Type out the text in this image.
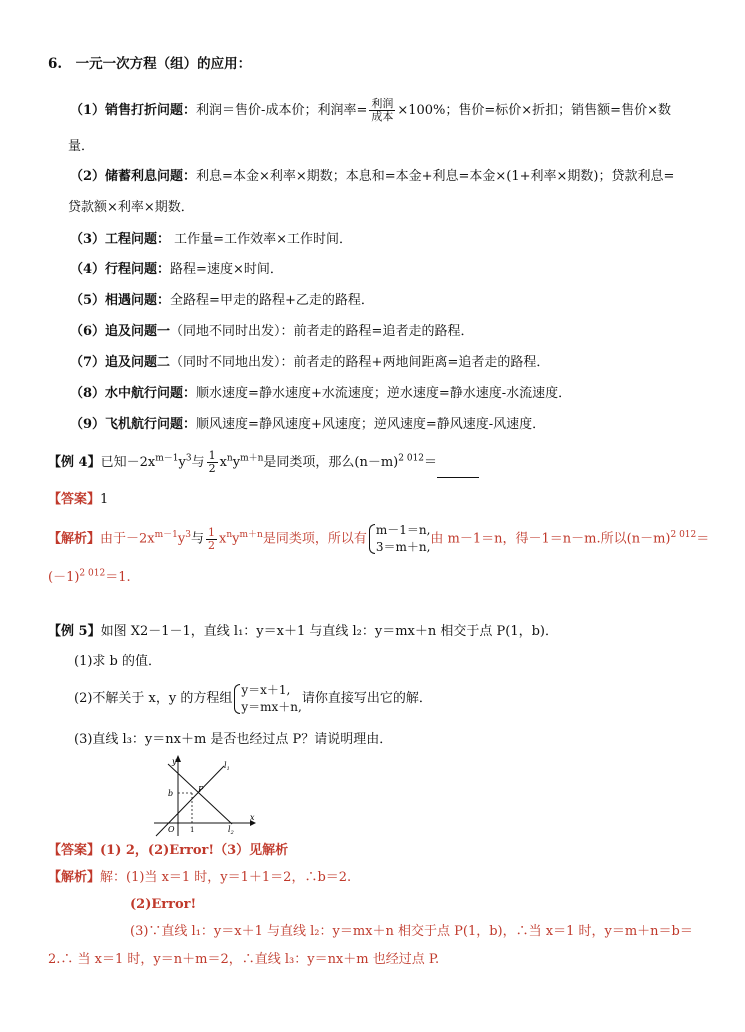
6.　一元一次方程（组）的应用：
（1）销售打折问题：利润＝售价-成本价；利润率= $\frac{\text{利润}}{\text{成本}} \times 100\%$；售价=标价×折扣；销售额=售价×数
量．
（2）储蓄利息问题：利息=本金×利率×期数；本息和=本金+利息=本金×(1+利率×期数)；贷款利息=
贷款额×利率×期数．
（3）工程问题： 工作量=工作效率×工作时间．
（4）行程问题：路程=速度×时间．
（5）相遇问题：全路程=甲走的路程+乙走的路程．
（6）追及问题一（同地不同时出发）：前者走的路程=追者走的路程．
（7）追及问题二（同时不同地出发）：前者走的路程+两地间距离=追者走的路程．
（8）水中航行问题：顺水速度=静水速度+水流速度；逆水速度=静水速度-水流速度．
（9）飞机航行问题：顺风速度=静风速度+风速度；逆风速度=静风速度-风速度．
【例 4】已知$-2x^{m-1}y^3$与 $\frac{1}{2} x^ny^{m+n}$是同类项，那么$(n-m)^{2 012}=$
【答案】1
【解析】由于$-2x^{m-1}y^3$与 $\frac{1}{2} x^ny^{m+n}$是同类项，所以有
m－1＝n,
3＝m＋n,
由 m－1＝n，得－1＝n－m.所以$(n-m)^{2 012}=$
$(-1)^{2 012}=1$.
【例 5】如图 X2－1－1，直线 l₁：y＝x＋1 与直线 l₂：y＝mx＋n 相交于点 P(1，b)．
(1)求 b 的值．
(2)不解关于 x，y 的方程组
y＝x＋1,
y＝mx＋n,
请你直接写出它的解．
(3)直线 l₃：y＝nx＋m 是否也经过点 P？请说明理由．
y
x
O
b
1
P
$l_1$
$l_2$
【答案】(1) 2，(2)Error!（3）见解析
【解析】解：(1)当 x＝1 时，y＝1＋1＝2，∴b＝2.
(2)Error!
(3)∵直线 l₁：y＝x＋1 与直线 l₂：y＝mx＋n 相交于点 P(1，b)，∴当 x＝1 时，y＝m＋n＝b＝
2.∴ 当 x＝1 时，y＝n＋m＝2，∴直线 l₃：y＝nx＋m 也经过点 P.
